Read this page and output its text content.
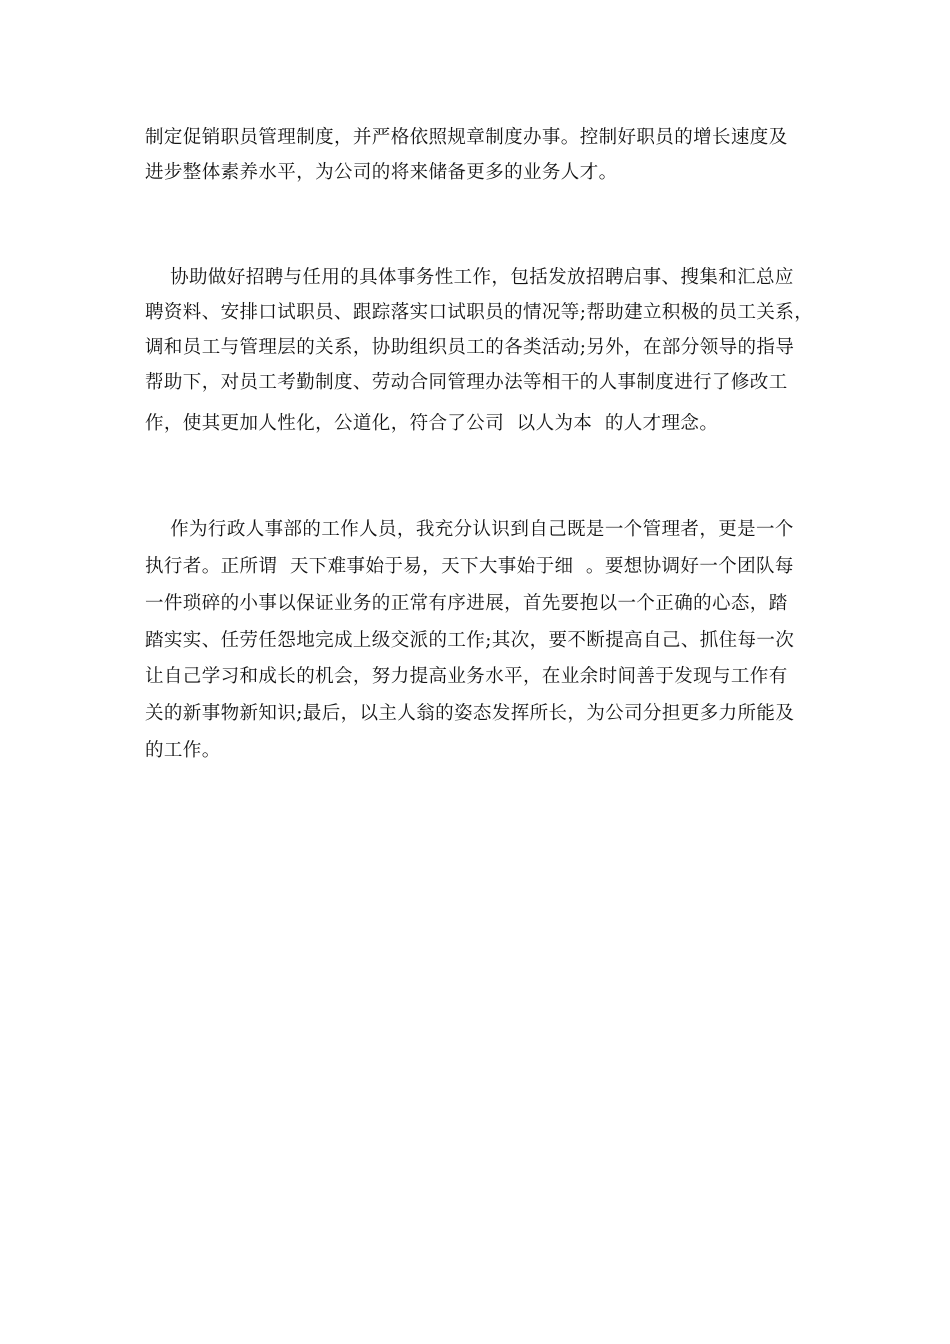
制定促销职员管理制度，并严格依照规章制度办事。控制好职员的增长速度及
进步整体素养水平，为公司的将来储备更多的业务人才。
协助做好招聘与任用的具体事务性工作，包括发放招聘启事、搜集和汇总应
聘资料、安排口试职员、跟踪落实口试职员的情况等;帮助建立积极的员工关系，
调和员工与管理层的关系，协助组织员工的各类活动;另外，在部分领导的指导
帮助下，对员工考勤制度、劳动合同管理办法等相干的人事制度进行了修改工
作，使其更加人性化，公道化，符合了公司  以人为本  的人才理念。
作为行政人事部的工作人员，我充分认识到自己既是一个管理者，更是一个
执行者。正所谓  天下难事始于易，天下大事始于细  。要想协调好一个团队每
一件琐碎的小事以保证业务的正常有序进展，首先要抱以一个正确的心态，踏
踏实实、任劳任怨地完成上级交派的工作;其次，要不断提高自己、抓住每一次
让自己学习和成长的机会，努力提高业务水平，在业余时间善于发现与工作有
关的新事物新知识;最后，以主人翁的姿态发挥所长，为公司分担更多力所能及
的工作。
